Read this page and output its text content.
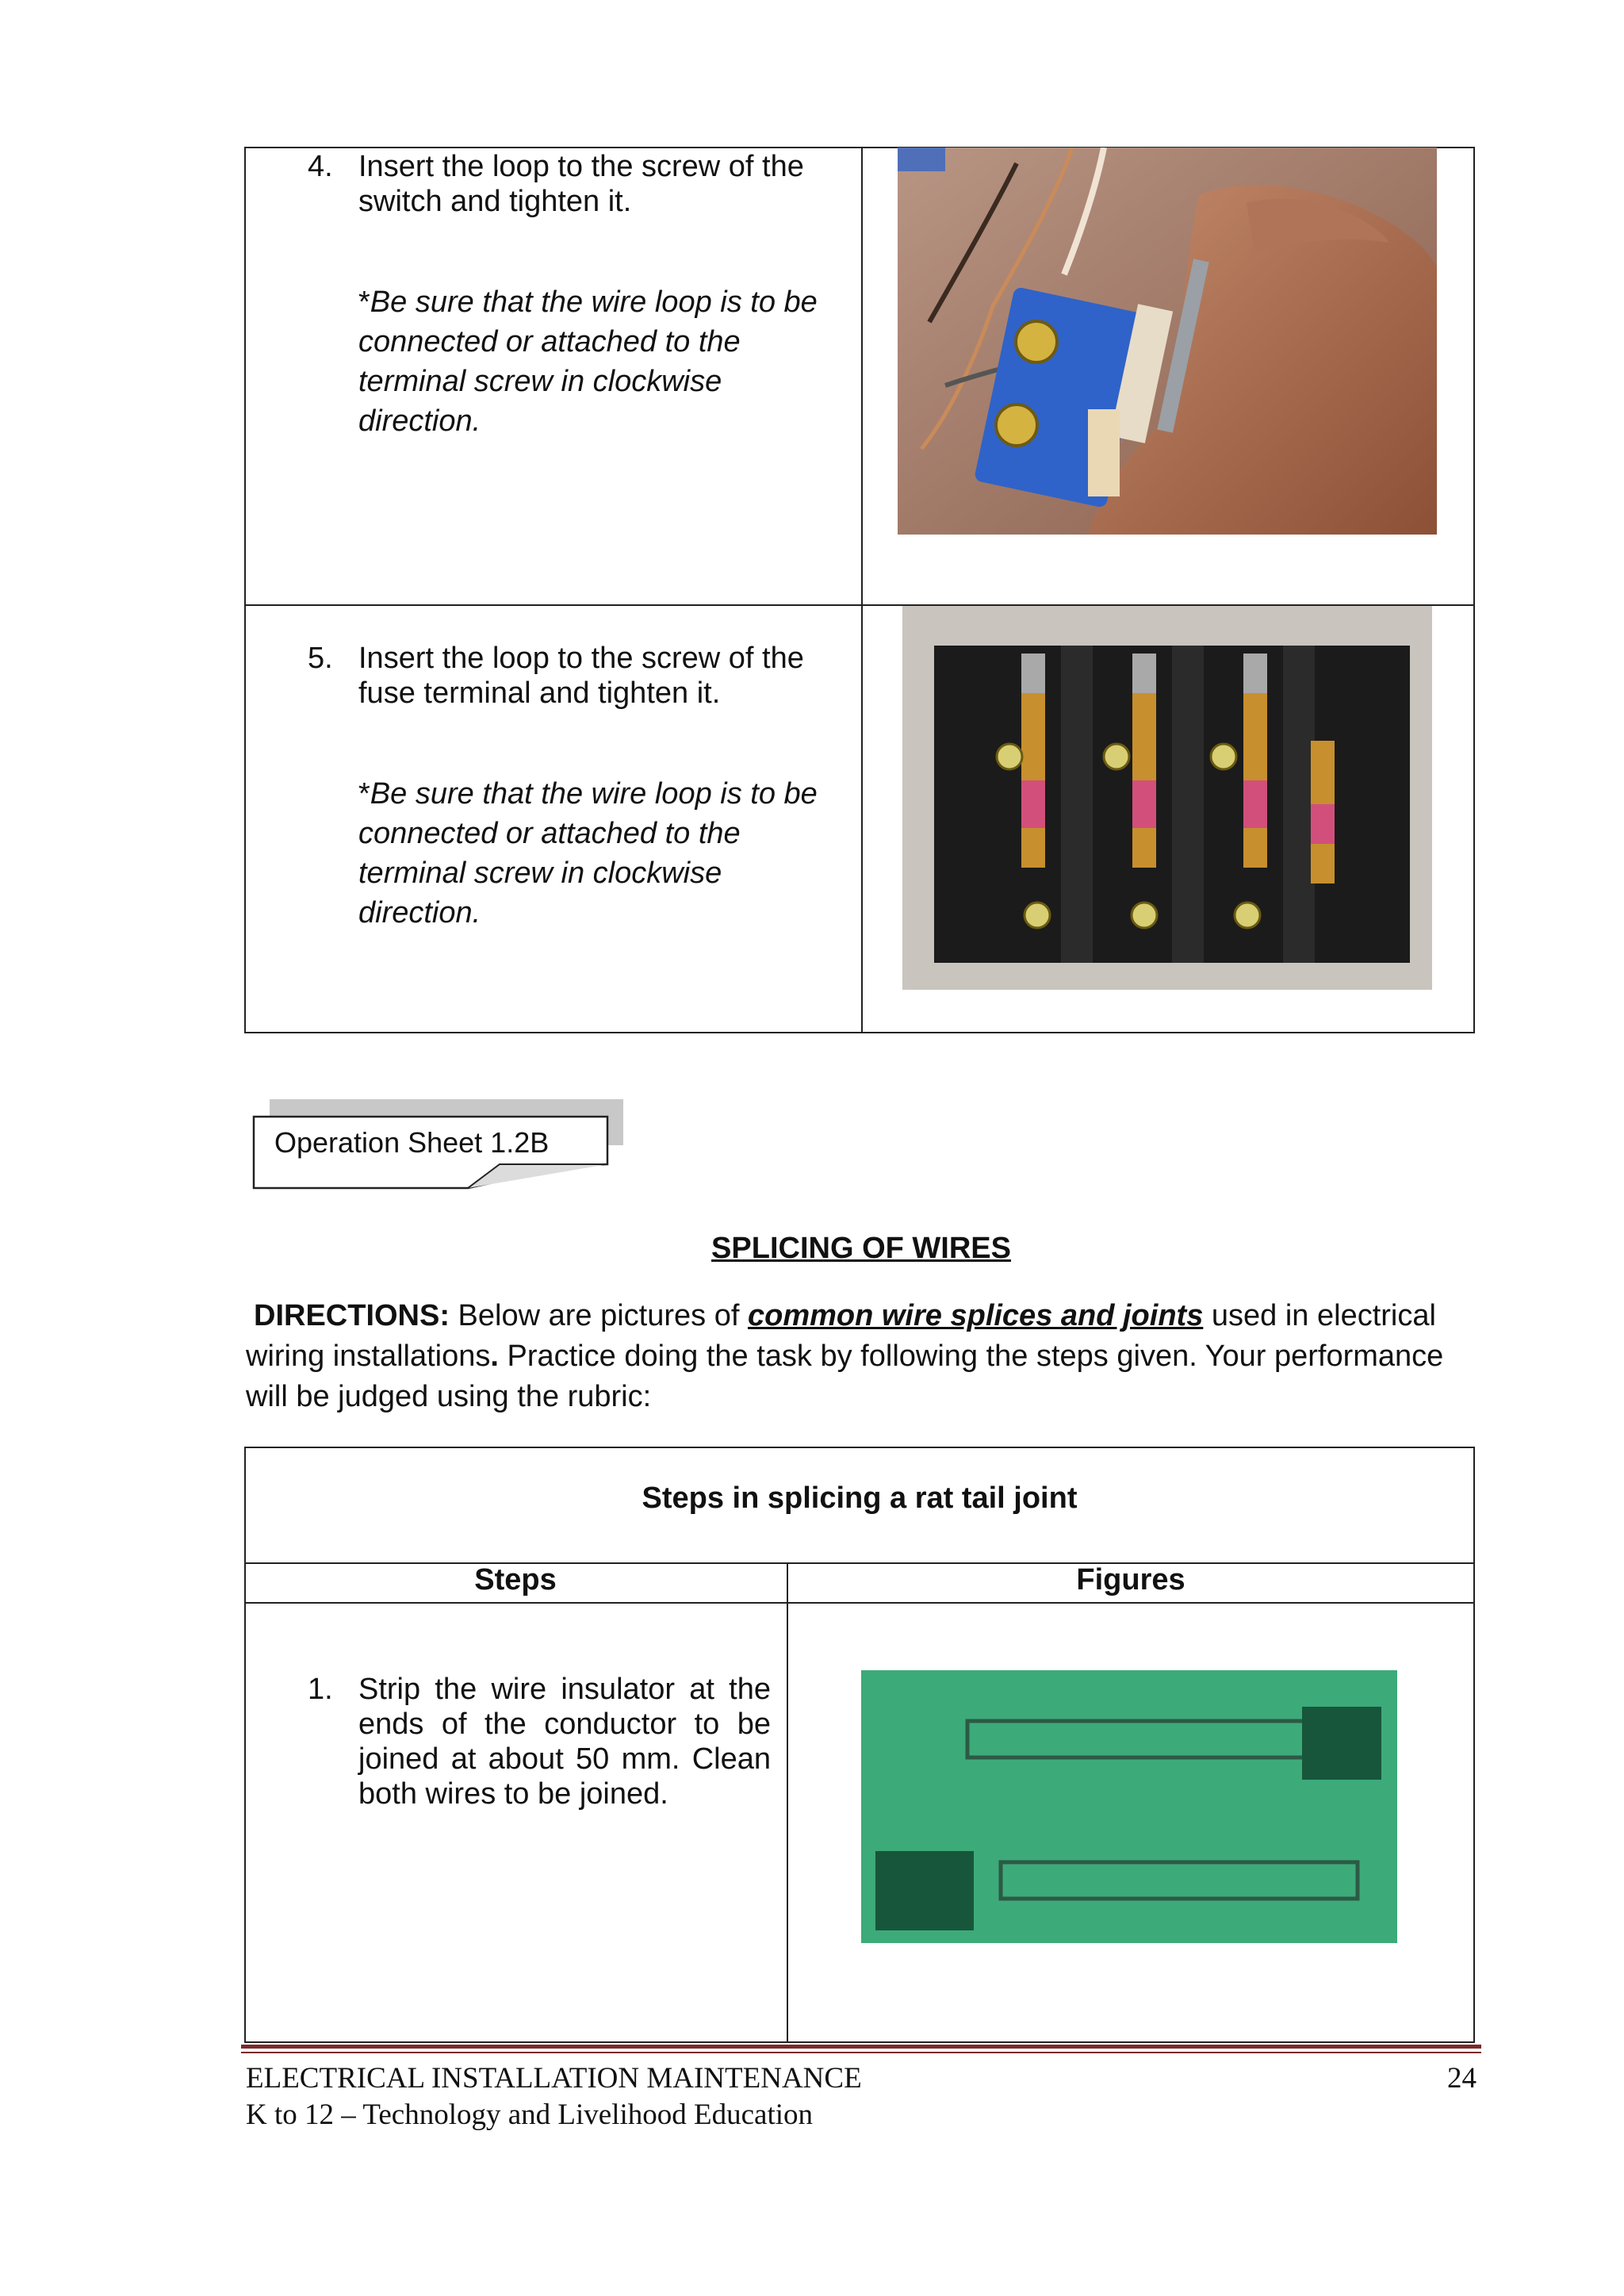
4. Insert the loop to the screw of the switch and tighten it.
*Be sure that the wire loop is to be connected or attached to the terminal screw in clockwise direction.
5. Insert the loop to the screw of the fuse terminal and tighten it.
*Be sure that the wire loop is to be connected or attached to the terminal screw in clockwise direction.
Operation Sheet 1.2B
SPLICING OF WIRES
DIRECTIONS: Below are pictures of common wire splices and joints used in electrical wiring installations. Practice doing the task by following the steps given. Your performance will be judged using the rubric:
Steps in splicing a rat tail joint
Steps	Figures
1. Strip the wire insulator at the ends of the conductor to be joined at about 50 mm. Clean both wires to be joined.
ELECTRICAL INSTALLATION MAINTENANCE
K to 12 – Technology and Livelihood Education
24
